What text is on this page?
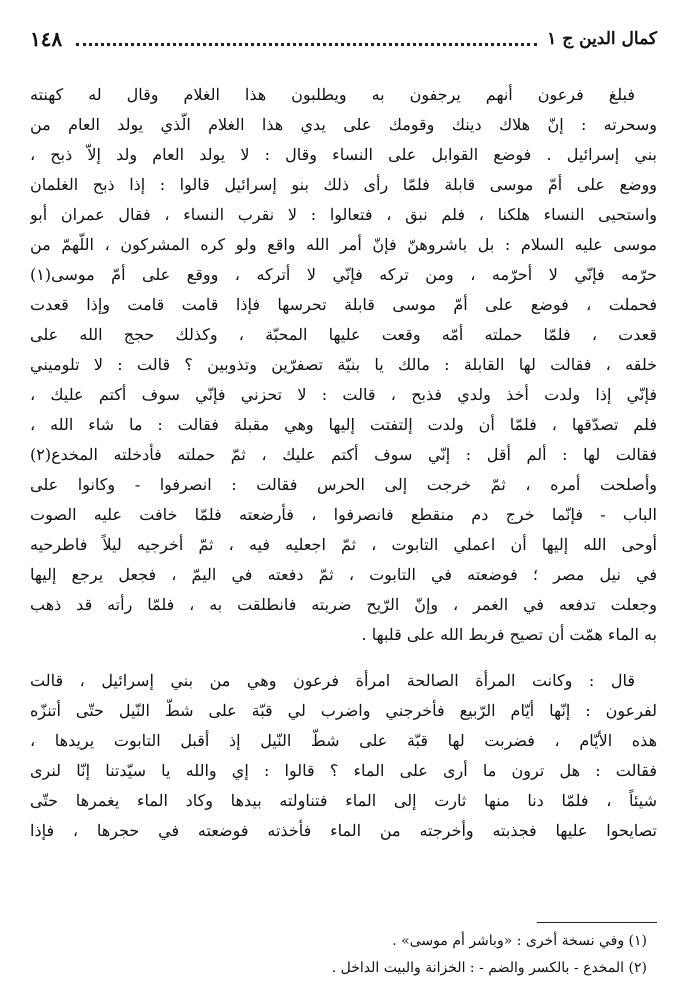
كمال الدين ج ١
١٤٨
فبلغ فرعون أنهم يرجفون به ويطلبون هذا الغلام وقال له كهنته
وسحرته : إنّ هلاك دينك وقومك على يدي هذا الغلام الّذي يولد العام من
بني إسرائيل . فوضع القوابل على النساء وقال : لا يولد العام ولد إلاّ ذبح ،
ووضع على أمّ موسى قابلة فلمّا رأى ذلك بنو إسرائيل قالوا : إذا ذبح الغلمان
واستحيى النساء هلكنا ، فلم نبق ، فتعالوا : لا نقرب النساء ، فقال عمران أبو
موسى عليه السلام : بل باشروهنّ فإنّ أمر الله واقع ولو كره المشركون ، اللّهمّ من
حرّمه فإنّي لا أحرّمه ، ومن تركه فإنّي لا أتركه ، ووقع على أمّ موسى(١)
فحملت ، فوضع على أمّ موسى قابلة تحرسها فإذا قامت قامت وإذا قعدت
قعدت ، فلمّا حملته أمّه وقعت عليها المحبّة ، وكذلك حجج الله على
خلقه ، فقالت لها القابلة : مالك يا بنيّة تصفرّين وتذوبين ؟ قالت : لا تلوميني
فإنّي إذا ولدت أخذ ولدي فذبح ، قالت : لا تحزني فإنّي سوف أكتم عليك ،
فلم تصدّقها ، فلمّا أن ولدت إلتفتت إليها وهي مقبلة فقالت : ما شاء الله ،
فقالت لها : ألم أقل : إنّي سوف أكتم عليك ، ثمّ حملته فأدخلته المخدع(٢)
وأصلحت أمره ، ثمّ خرجت إلى الحرس فقالت : انصرفوا - وكانوا على
الباب - فإنّما خرج دم منقطع فانصرفوا ، فأرضعته فلمّا خافت عليه الصوت
أوحى الله إليها أن اعملي التابوت ، ثمّ اجعليه فيه ، ثمّ أخرجيه ليلاً فاطرحيه
في نيل مصر ؛ فوضعته في التابوت ، ثمّ دفعته في اليمّ ، فجعل يرجع إليها
وجعلت تدفعه في الغمر ، وإنّ الرّيح ضربته فانطلقت به ، فلمّا رأته قد ذهب
به الماء همّت أن تصيح فربط الله على قلبها .
قال : وكانت المرأة الصالحة امرأة فرعون وهي من بني إسرائيل ، قالت
لفرعون : إنّها أيّام الرّبيع فأخرجني واضرب لي قبّة على شطّ النّيل حتّى أتنزّه
هذه الأيّام ، فضربت لها قبّة على شطّ النّيل إذ أقبل التابوت يريدها ،
فقالت : هل ترون ما أرى على الماء ؟ قالوا : إي والله يا سيّدتنا إنّا لنرى
شيئاً ، فلمّا دنا منها ثارت إلى الماء فتناولته بيدها وكاد الماء يغمرها حتّى
تصايحوا عليها فجذبته وأخرجته من الماء فأخذته فوضعته في حجرها ، فإذا
(١) وفي نسخة أخرى : «وباشر أم موسى» .
(٢) المخدع - بالكسر والضم - : الخزانة والبيت الداخل .
